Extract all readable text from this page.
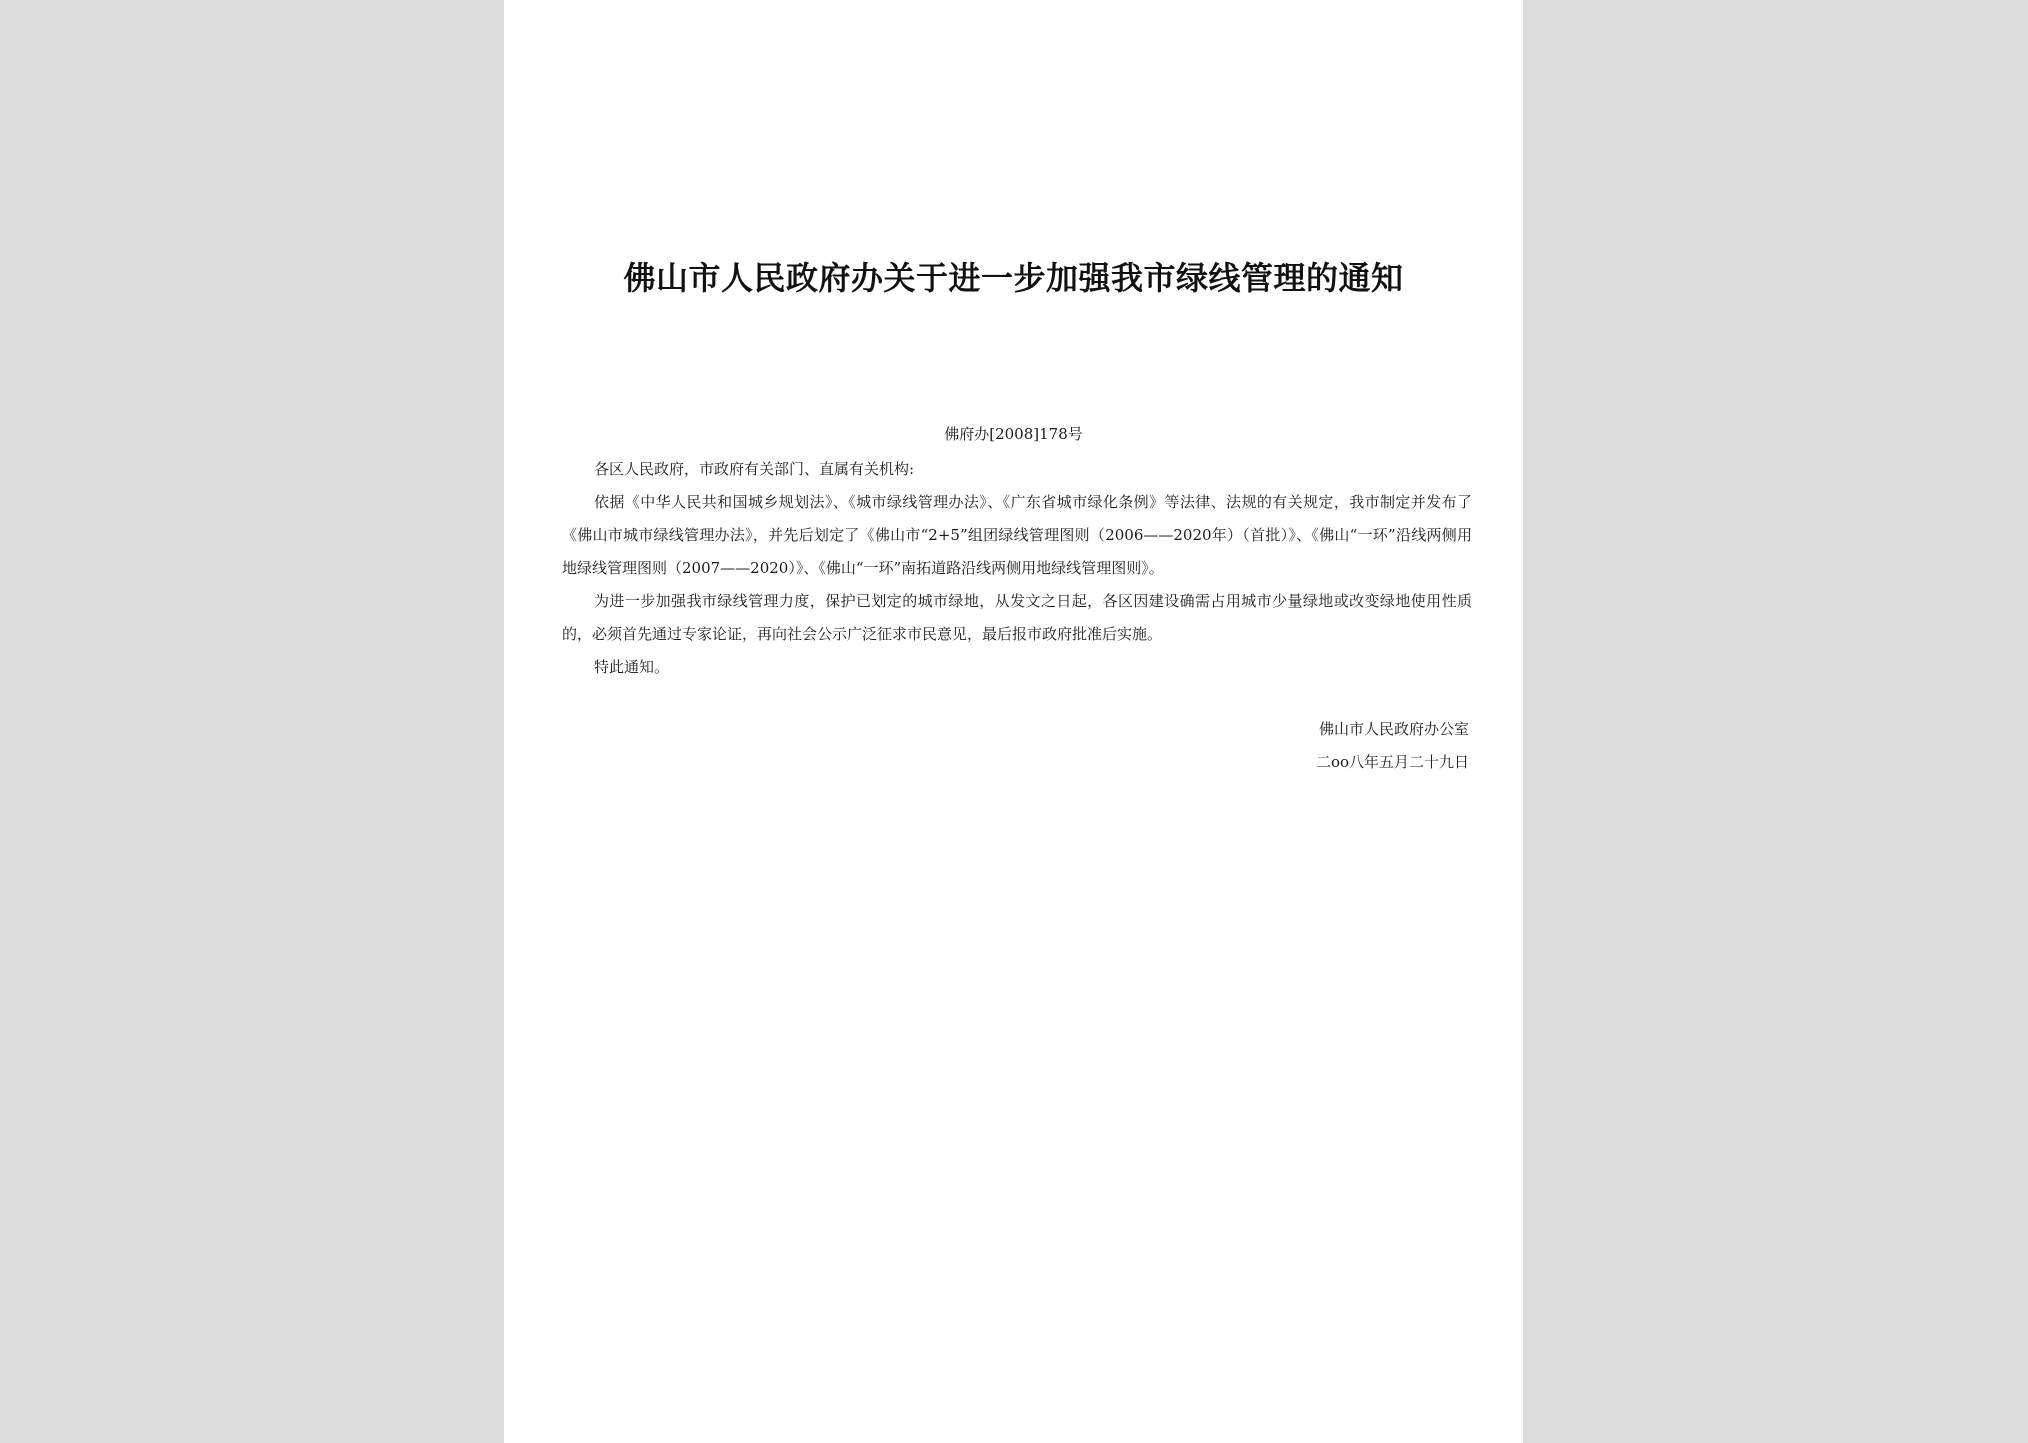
佛山市人民政府办关于进一步加强我市绿线管理的通知
佛府办[2008]178号

各区人民政府，市政府有关部门、直属有关机构:

依据《中华人民共和国城乡规划法》、《城市绿线管理办法》、《广东省城市绿化条例》等法律、法规的有关规定，我市制定并发布了《佛山市城市绿线管理办法》，并先后划定了《佛山市“2+5”组团绿线管理图则（2006——2020年）（首批）》、《佛山“一环”沿线两侧用地绿线管理图则（2007——2020）》、《佛山“一环”南拓道路沿线两侧用地绿线管理图则》。

为进一步加强我市绿线管理力度，保护已划定的城市绿地，从发文之日起，各区因建设确需占用城市少量绿地或改变绿地使用性质的，必须首先通过专家论证，再向社会公示广泛征求市民意见，最后报市政府批准后实施。

特此通知。

佛山市人民政府办公室
二oo八年五月二十九日
